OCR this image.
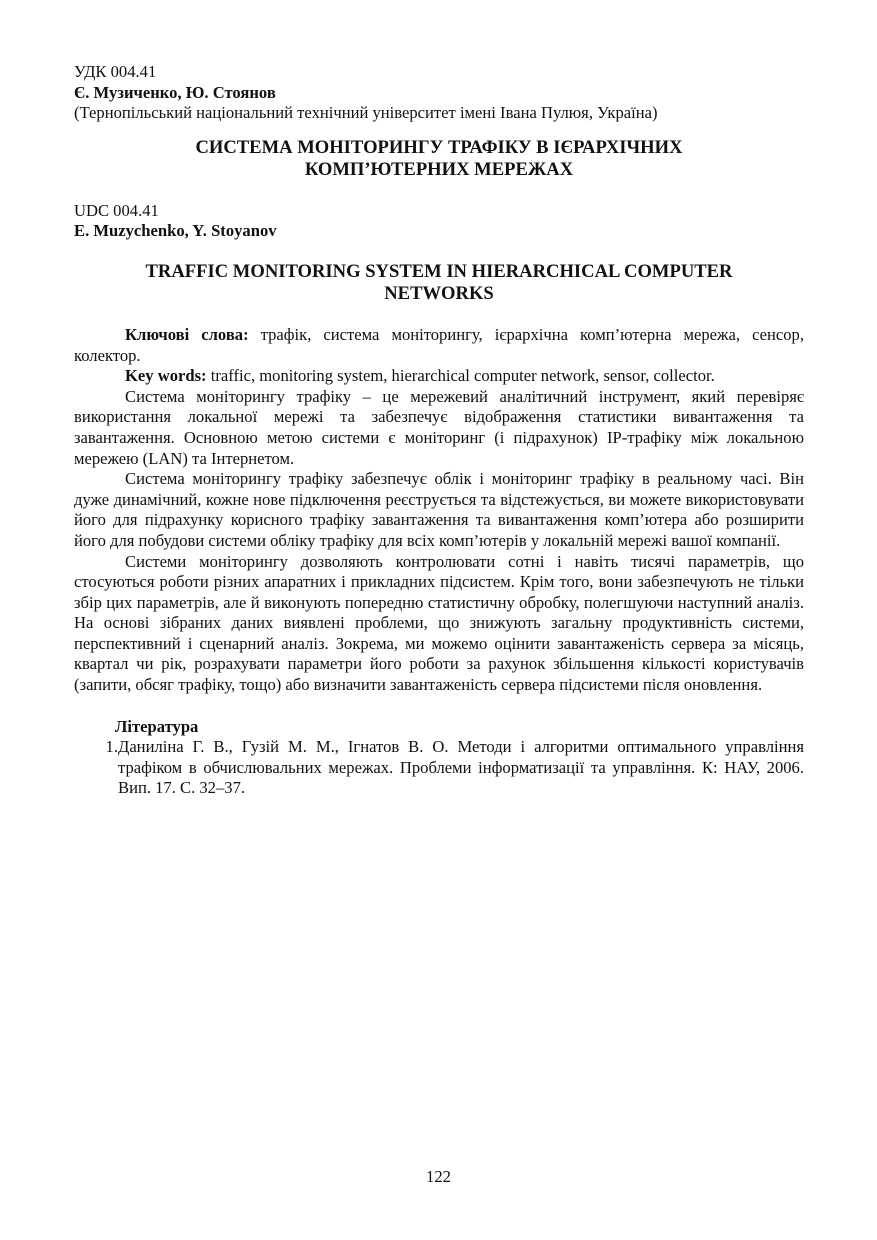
УДК 004.41
Є. Музиченко, Ю. Стоянов
(Тернопільський національний технічний університет імені Івана Пулюя, Україна)
СИСТЕМА МОНІТОРИНГУ ТРАФІКУ В ІЄРАРХІЧНИХ
КОМП’ЮТЕРНИХ МЕРЕЖАХ
UDC 004.41
E. Muzychenko, Y. Stoyanov
TRAFFIC MONITORING SYSTEM IN HIERARCHICAL COMPUTER
NETWORKS

Ключові слова: трафік, система моніторингу, ієрархічна комп’ютерна мережа, сенсор, колектор.

Key words: traffic, monitoring system, hierarchical computer network, sensor, collector.

Система моніторингу трафіку – це мережевий аналітичний інструмент, який перевіряє використання локальної мережі та забезпечує відображення статистики вивантаження та завантаження. Основною метою системи є моніторинг (і підрахунок) IP-трафіку між локальною мережею (LAN) та Інтернетом.

Система моніторингу трафіку забезпечує облік і моніторинг трафіку в реальному часі. Він дуже динамічний, кожне нове підключення реєструється та відстежується, ви можете використовувати його для підрахунку корисного трафіку завантаження та вивантаження комп’ютера або розширити його для побудови системи обліку трафіку для всіх комп’ютерів у локальній мережі вашої компанії.

Системи моніторингу дозволяють контролювати сотні і навіть тисячі параметрів, що стосуються роботи різних апаратних і прикладних підсистем. Крім того, вони забезпечують не тільки збір цих параметрів, але й виконують попередню статистичну обробку, полегшуючи наступний аналіз. На основі зібраних даних виявлені проблеми, що знижують загальну продуктивність системи, перспективний і сценарний аналіз. Зокрема, ми можемо оцінити завантаженість сервера за місяць, квартал чи рік, розрахувати параметри його роботи за рахунок збільшення кількості користувачів (запити, обсяг трафіку, тощо) або визначити завантаженість сервера підсистеми після оновлення.

Література
1. Даниліна Г. В., Гузій М. М., Ігнатов В. О. Методи і алгоритми оптимального управління трафіком в обчислювальних мережах. Проблеми інформатизації та управління. К: НАУ, 2006. Вип. 17. С. 32–37.
122
